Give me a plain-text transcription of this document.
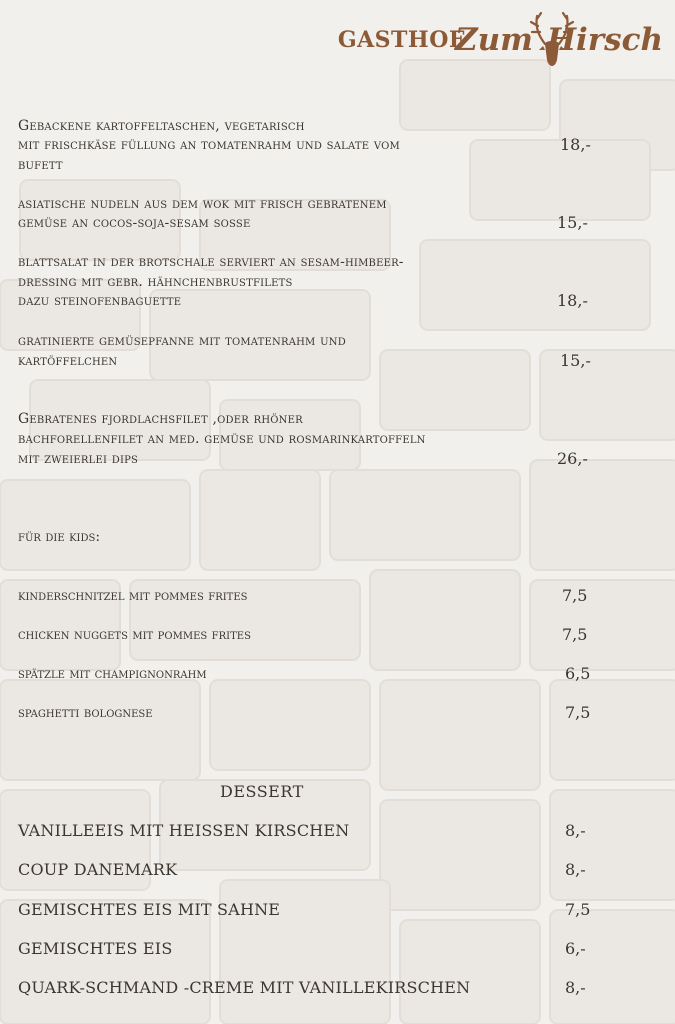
GASTHOF
Zum Hirsch
Gebackene kartoffeltaschen, vegetarisch
mit frischkäse füllung an tomatenrahm und salate vom
bufett
18,-
asiatische nudeln aus dem wok mit frisch gebratenem
gemüse an cocos-soja-sesam sosse	15,-
blattsalat in der brotschale serviert an sesam-himbeer-
dressing mit gebr. hähnchenbrustfilets
dazu steinofenbaguette	18,-
gratinierte gemüsepfanne mit tomatenrahm und
kartöffelchen	15,-
Gebratenes fjordlachsfilet ,oder rhöner
bachforellenfilet an med. gemüse und rosmarinkartoffeln
mit zweierlei dips	26,-
für die kids:
kinderschnitzel mit pommes frites	7,5
chicken nuggets mit pommes frites	7,5
spätzle mit champignonrahm	6,5
spaghetti bolognese	7,5
DESSERT
VANILLEEIS MIT HEISSEN KIRSCHEN	8,-
COUP DANEMARK	8,-
GEMISCHTES EIS MIT SAHNE	7,5
GEMISCHTES EIS	6,-
QUARK-SCHMAND -CREME MIT VANILLEKIRSCHEN	8,-
